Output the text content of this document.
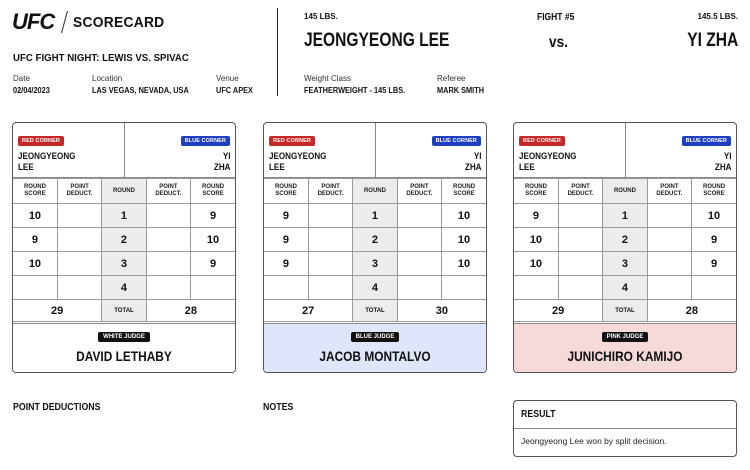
UFC SCORECARD
UFC FIGHT NIGHT: LEWIS VS. SPIVAC
Date
02/04/2023
Location
LAS VEGAS, NEVADA, USA
Venue
UFC APEX
145 LBS.
JEONGYEONG LEE
Weight Class
FEATHERWEIGHT - 145 LBS.
Referee
MARK SMITH
FIGHT #5
vs.
145.5 LBS.
YI ZHA
RED CORNER
JEONGYEONG
LEE
BLUE CORNER
YI
ZHA
ROUND SCORE	POINT DEDUCT.	ROUND	POINT DEDUCT.	ROUND SCORE
10		1		9
9		2		10
10		3		9
		4		
29		TOTAL	28	
WHITE JUDGE
DAVID LETHABY
RED CORNER
JEONGYEONG
LEE
BLUE CORNER
YI
ZHA
ROUND SCORE	POINT DEDUCT.	ROUND	POINT DEDUCT.	ROUND SCORE
9		1		10
9		2		10
9		3		10
		4		
27		TOTAL	30	
BLUE JUDGE
JACOB MONTALVO
RED CORNER
JEONGYEONG
LEE
BLUE CORNER
YI
ZHA
ROUND SCORE	POINT DEDUCT.	ROUND	POINT DEDUCT.	ROUND SCORE
9		1		10
10		2		9
10		3		9
		4		
29		TOTAL	28	
PINK JUDGE
JUNICHIRO KAMIJO
POINT DEDUCTIONS	NOTES
RESULT
Jeongyeong Lee won by split decision.
